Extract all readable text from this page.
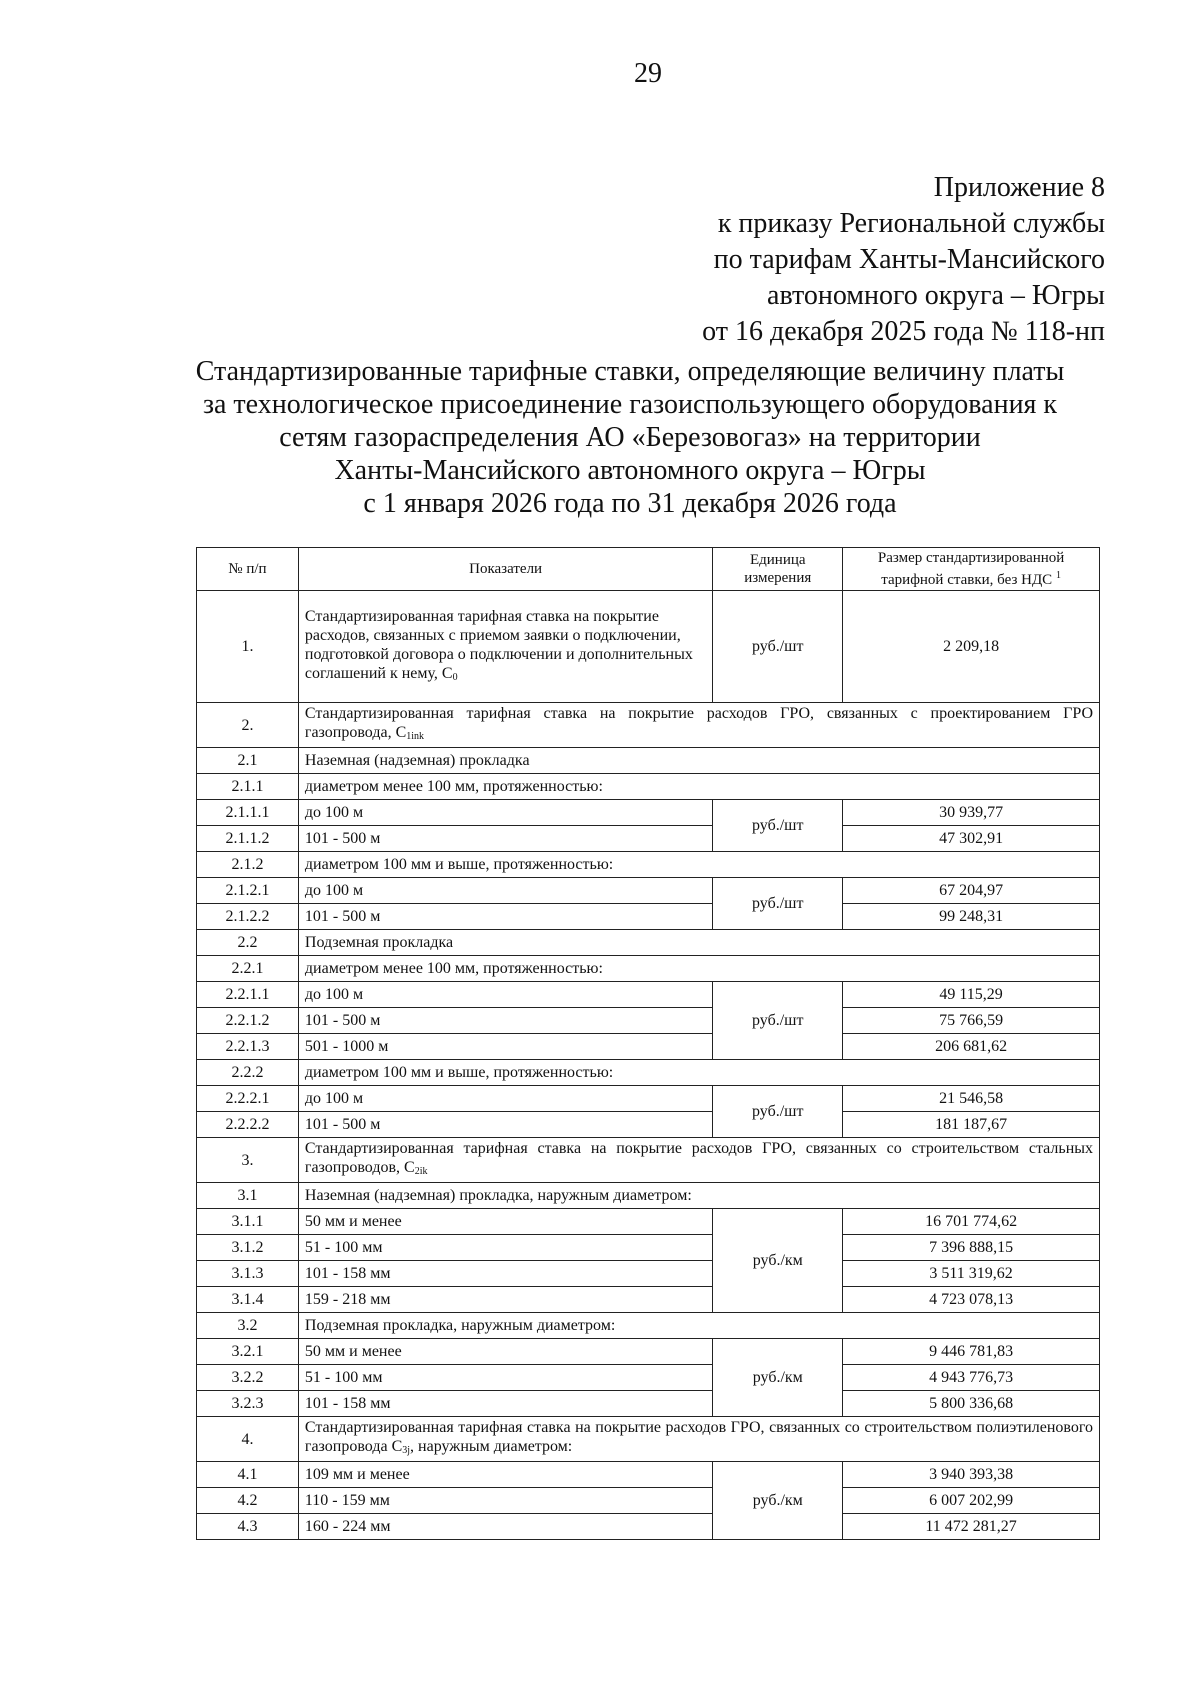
29
Приложение 8
к приказу Региональной службы
по тарифам Ханты-Мансийского
автономного округа – Югры
от 16 декабря 2025 года № 118-нп
Стандартизированные тарифные ставки, определяющие величину платы
за технологическое присоединение газоиспользующего оборудования к
сетям газораспределения АО «Березовогаз» на территории
Ханты-Мансийского автономного округа – Югры
с 1 января 2026 года по 31 декабря 2026 года
№ п/п	Показатели	Единица измерения	Размер стандартизированной тарифной ставки, без НДС $^1$
1.	Стандартизированная тарифная ставка на покрытие расходов, связанных с приемом заявки о подключении, подготовкой договора о подключении и дополнительных соглашений к нему, $С_0$	руб./шт	2 209,18
2.	Стандартизированная тарифная ставка на покрытие расходов ГРО, связанных с проектированием ГРО газопровода, $С_{1ink}$
2.1	Наземная (надземная) прокладка		
2.1.1	диаметром менее 100 мм, протяженностью:		
2.1.1.1	до 100 м	руб./шт	30 939,77
2.1.1.2	101 - 500 м		47 302,91
2.1.2	диаметром 100 мм и выше, протяженностью:		
2.1.2.1	до 100 м	руб./шт	67 204,97
2.1.2.2	101 - 500 м		99 248,31
2.2	Подземная прокладка		
2.2.1	диаметром менее 100 мм, протяженностью:		
2.2.1.1	до 100 м	руб./шт	49 115,29
2.2.1.2	101 - 500 м		75 766,59
2.2.1.3	501 - 1000 м		206 681,62
2.2.2	диаметром 100 мм и выше, протяженностью:		
2.2.2.1	до 100 м	руб./шт	21 546,58
2.2.2.2	101 - 500 м		181 187,67
3.	Стандартизированная тарифная ставка на покрытие расходов ГРО, связанных со строительством стальных газопроводов, $С_{2ik}$
3.1	Наземная (надземная) прокладка, наружным диаметром:		
3.1.1	50 мм и менее	руб./км	16 701 774,62
3.1.2	51 - 100 мм		7 396 888,15
3.1.3	101 - 158 мм		3 511 319,62
3.1.4	159 - 218 мм		4 723 078,13
3.2	Подземная прокладка, наружным диаметром:		
3.2.1	50 мм и менее	руб./км	9 446 781,83
3.2.2	51 - 100 мм		4 943 776,73
3.2.3	101 - 158 мм		5 800 336,68
4.	Стандартизированная тарифная ставка на покрытие расходов ГРО, связанных со строительством полиэтиленового газопровода $С_{3j}$, наружным диаметром:		
4.1	109 мм и менее	руб./км	3 940 393,38
4.2	110 - 159 мм		6 007 202,99
4.3	160 - 224 мм		11 472 281,27
